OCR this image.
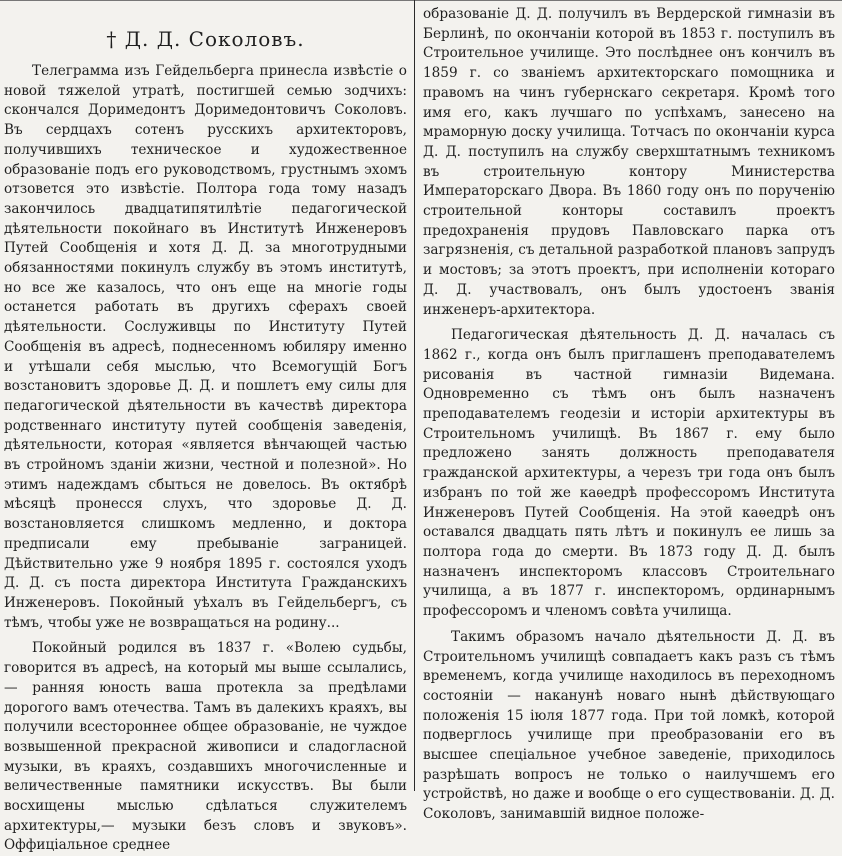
† Д. Д. Соколовъ.

Телеграмма изъ Гейдельберга принесла извѣстіе о новой тяжелой утратѣ, постигшей семью зодчихъ: скончался Доримедонтъ Доримедонтовичъ Соколовъ. Въ сердцахъ сотенъ русскихъ архитекторовъ, получившихъ техническое и художественное образованіе подъ его руководствомъ, грустнымъ эхомъ отзовется это извѣстіе. Полтора года тому назадъ закончилось двадцатипятилѣтіе педагогической дѣятельности покойнаго въ Институтѣ Инженеровъ Путей Сообщенія и хотя Д. Д. за многотрудными обязанностями покинулъ службу въ этомъ институтѣ, но все же казалось, что онъ еще на многіе годы останется работать въ другихъ сферахъ своей дѣятельности. Сослуживцы по Институту Путей Сообщенія въ адресѣ, поднесенномъ юбиляру именно и утѣшали себя мыслью, что Всемогущій Богъ возстановитъ здоровье Д. Д. и пошлетъ ему силы для педагогической дѣятельности въ качествѣ директора родственнаго институту путей сообщенія заведенія, дѣятельности, которая «является вѣнчающей частью въ стройномъ зданіи жизни, честной и полезной». Но этимъ надеждамъ сбыться не довелось. Въ октябрѣ мѣсяцѣ пронесся слухъ, что здоровье Д. Д. возстановляется слишкомъ медленно, и доктора предписали ему пребываніе заграницей. Дѣйствительно уже 9 ноября 1895 г. состоялся уходъ Д. Д. съ поста директора Института Гражданскихъ Инженеровъ. Покойный уѣхалъ въ Гейдельбергъ, съ тѣмъ, чтобы уже не возвращаться на родину...

Покойный родился въ 1837 г. «Волею судьбы, говорится въ адресѣ, на который мы выше ссылались,— ранняя юность ваша протекла за предѣлами дорогого вамъ отечества. Тамъ въ далекихъ краяхъ, вы получили всестороннее общее образованіе, не чуждое возвышенной прекрасной живописи и сладогласной музыки, въ краяхъ, создавшихъ многочисленные и величественные памятники искусствъ. Вы были восхищены мыслью сдѣлаться служителемъ архитектуры,— музыки безъ словъ и звуковъ». Оффиціальное среднее

образованіе Д. Д. получилъ въ Вердерской гимназіи въ Берлинѣ, по окончаніи которой въ 1853 г. поступилъ въ Строительное училище. Это послѣднее онъ кончилъ въ 1859 г. со званіемъ архитекторскаго помощника и правомъ на чинъ губернскаго секретаря. Кромѣ того имя его, какъ лучшаго по успѣхамъ, занесено на мраморную доску училища. Тотчасъ по окончаніи курса Д. Д. поступилъ на службу сверхштатнымъ техникомъ въ строительную контору Министерства Императорскаго Двора. Въ 1860 году онъ по порученію строительной конторы составилъ проектъ предохраненія прудовъ Павловскаго парка отъ загрязненія, съ детальной разработкой плановъ запрудъ и мостовъ; за этотъ проектъ, при исполненіи котораго Д. Д. участвовалъ, онъ былъ удостоенъ званія инженеръ-архитектора.

Педагогическая дѣятельность Д. Д. началась съ 1862 г., когда онъ былъ приглашенъ преподавателемъ рисованія въ частной гимназіи Видемана. Одновременно съ тѣмъ онъ былъ назначенъ преподавателемъ геодезіи и исторіи архитектуры въ Строительномъ училищѣ. Въ 1867 г. ему было предложено занять должность преподавателя гражданской архитектуры, а черезъ три года онъ былъ избранъ по той же каѳедрѣ профессоромъ Института Инженеровъ Путей Сообщенія. На этой каѳедрѣ онъ оставался двадцать пять лѣтъ и покинулъ ее лишь за полтора года до смерти. Въ 1873 году Д. Д. былъ назначенъ инспекторомъ классовъ Строительнаго училища, а въ 1877 г. инспекторомъ, ординарнымъ профессоромъ и членомъ совѣта училища.

Такимъ образомъ начало дѣятельности Д. Д. въ Строительномъ училищѣ совпадаетъ какъ разъ съ тѣмъ временемъ, когда училище находилось въ переходномъ состояніи — наканунѣ новаго нынѣ дѣйствующаго положенія 15 іюля 1877 года. При той ломкѣ, которой подверглось училище при преобразованіи его въ высшее спеціальное учебное заведеніе, приходилось разрѣшать вопросъ не только о наилучшемъ его устройствѣ, но даже и вообще о его существованіи. Д. Д. Соколовъ, занимавшій видное положе-
